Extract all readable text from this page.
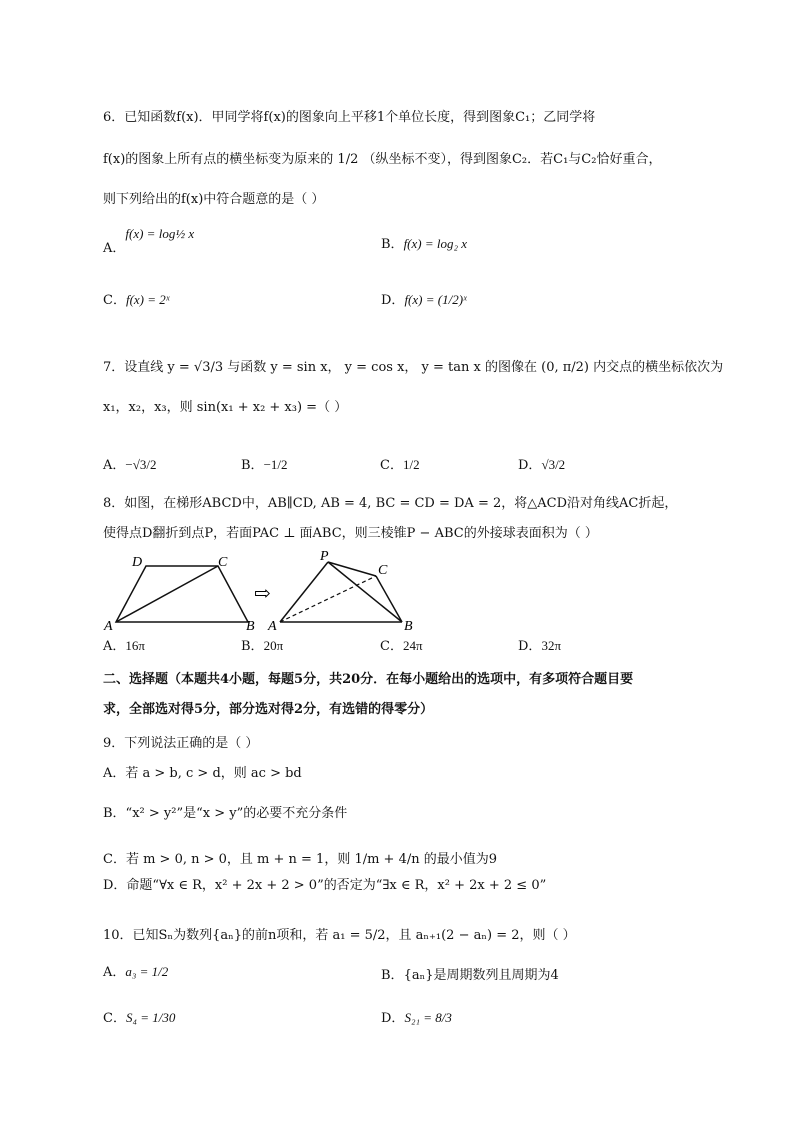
6．已知函数f(x)．甲同学将f(x)的图象向上平移1个单位长度，得到图象C₁；乙同学将
f(x)的图象上所有点的横坐标变为原来的 1/2 （纵坐标不变），得到图象C₂．若C₁与C₂恰好重合，
则下列给出的f(x)中符合题意的是（ ）
A．f(x) = log½ x
B．f(x) = log₂ x
C．f(x) = 2ˣ	D．f(x) = (1/2)ˣ
7．设直线 y = √3/3 与函数 y = sin x， y = cos x， y = tan x 的图像在 (0, π/2) 内交点的横坐标依次为
x₁，x₂，x₃，则 sin(x₁ + x₂ + x₃) =（ ）
A．−√3/2	B．−1/2	C．1/2	D．√3/2
8．如图，在梯形ABCD中，AB∥CD, AB = 4, BC = CD = DA = 2，将△ACD沿对角线AC折起，
使得点D翻折到点P，若面PAC ⊥ 面ABC，则三棱锥P − ABC的外接球表面积为（ ）
D	C
A	B
⇨
P
C
A	B
A．16π	B．20π	C．24π	D．32π
二、选择题（本题共4小题，每题5分，共20分．在每小题给出的选项中，有多项符合题目要
求，全部选对得5分，部分选对得2分，有选错的得零分）
9．下列说法正确的是（ ）
A．若 a > b, c > d，则 ac > bd
B．“x² > y²”是“x > y”的必要不充分条件
C．若 m > 0, n > 0，且 m + n = 1，则 1/m + 4/n 的最小值为9
D．命题“∀x ∈ R，x² + 2x + 2 > 0”的否定为“∃x ∈ R，x² + 2x + 2 ≤ 0”
10．已知Sₙ为数列{aₙ}的前n项和，若 a₁ = 5/2，且 aₙ₊₁(2 − aₙ) = 2，则（ ）
A．a₃ = 1/2	B．{aₙ}是周期数列且周期为4
C．S₄ = 1/30	D．S₂₁ = 8/3
